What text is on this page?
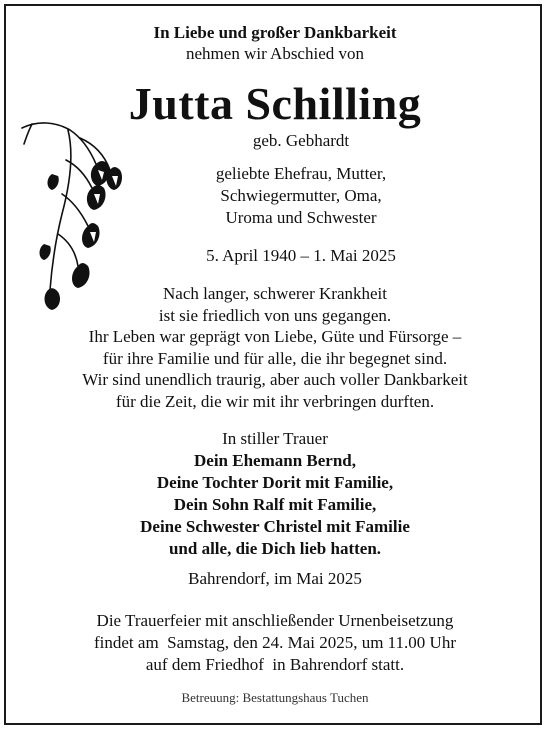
In Liebe und großer Dankbarkeit
nehmen wir Abschied von
Jutta Schilling
geb. Gebhardt
geliebte Ehefrau, Mutter,
Schwiegermutter, Oma,
Uroma und Schwester
5. April 1940 – 1. Mai 2025
Nach langer, schwerer Krankheit
ist sie friedlich von uns gegangen.
Ihr Leben war geprägt von Liebe, Güte und Fürsorge –
für ihre Familie und für alle, die ihr begegnet sind.
Wir sind unendlich traurig, aber auch voller Dankbarkeit
für die Zeit, die wir mit ihr verbringen durften.
In stiller Trauer
Dein Ehemann Bernd,
Deine Tochter Dorit mit Familie,
Dein Sohn Ralf mit Familie,
Deine Schwester Christel mit Familie
und alle, die Dich lieb hatten.
Bahrendorf, im Mai 2025
Die Trauerfeier mit anschließender Urnenbeisetzung
findet am  Samstag, den 24. Mai 2025, um 11.00 Uhr
auf dem Friedhof  in Bahrendorf statt.
Betreuung: Bestattungshaus Tuchen
